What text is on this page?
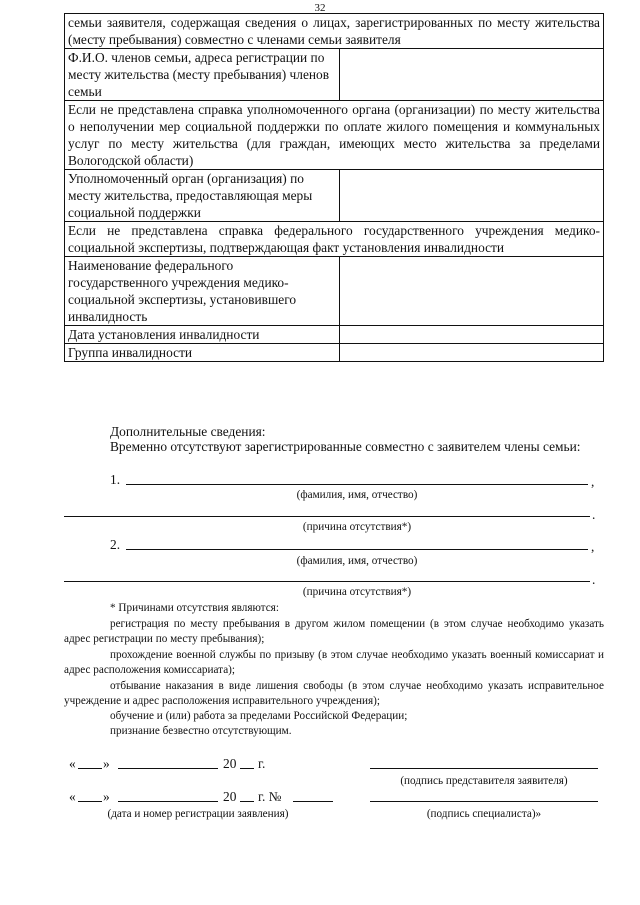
32
семьи заявителя, содержащая сведения о лицах, зарегистрированных по месту жительства (месту пребывания) совместно с членами семьи заявителя	
Ф.И.О. членов семьи, адреса регистрации по месту жительства (месту пребывания) членов семьи	
Если не представлена справка уполномоченного органа (организации) по месту жительства о неполучении мер социальной поддержки по оплате жилого помещения и коммунальных услуг по месту жительства (для граждан, имеющих место жительства за пределами Вологодской области)	
Уполномоченный орган (организация) по месту жительства, предоставляющая меры социальной поддержки	
Если не представлена справка федерального государственного учреждения медико-социальной экспертизы, подтверждающая факт установления инвалидности	
Наименование федерального государственного учреждения медико-социальной экспертизы, установившего инвалидность	
Дата установления инвалидности	
Группа инвалидности	
Дополнительные сведения:
Временно отсутствуют зарегистрированные совместно с заявителем члены семьи:
1.	,
(фамилия, имя, отчество)
.
(причина отсутствия*)
2.	,
(фамилия, имя, отчество)
.
(причина отсутствия*)
* Причинами отсутствия являются:
регистрация по месту пребывания в другом жилом помещении (в этом случае необходимо указать адрес регистрации по месту пребывания);
прохождение военной службы по призыву (в этом случае необходимо указать военный комиссариат и адрес расположения комиссариата);
отбывание наказания в виде лишения свободы (в этом случае необходимо указать исправительное учреждение и адрес расположения исправительного учреждения);
обучение и (или) работа за пределами Российской Федерации;
признание безвестно отсутствующим.
« »	20 г.
(подпись представителя заявителя)
« »	20 г. №
(дата и номер регистрации заявления)	(подпись специалиста)»
